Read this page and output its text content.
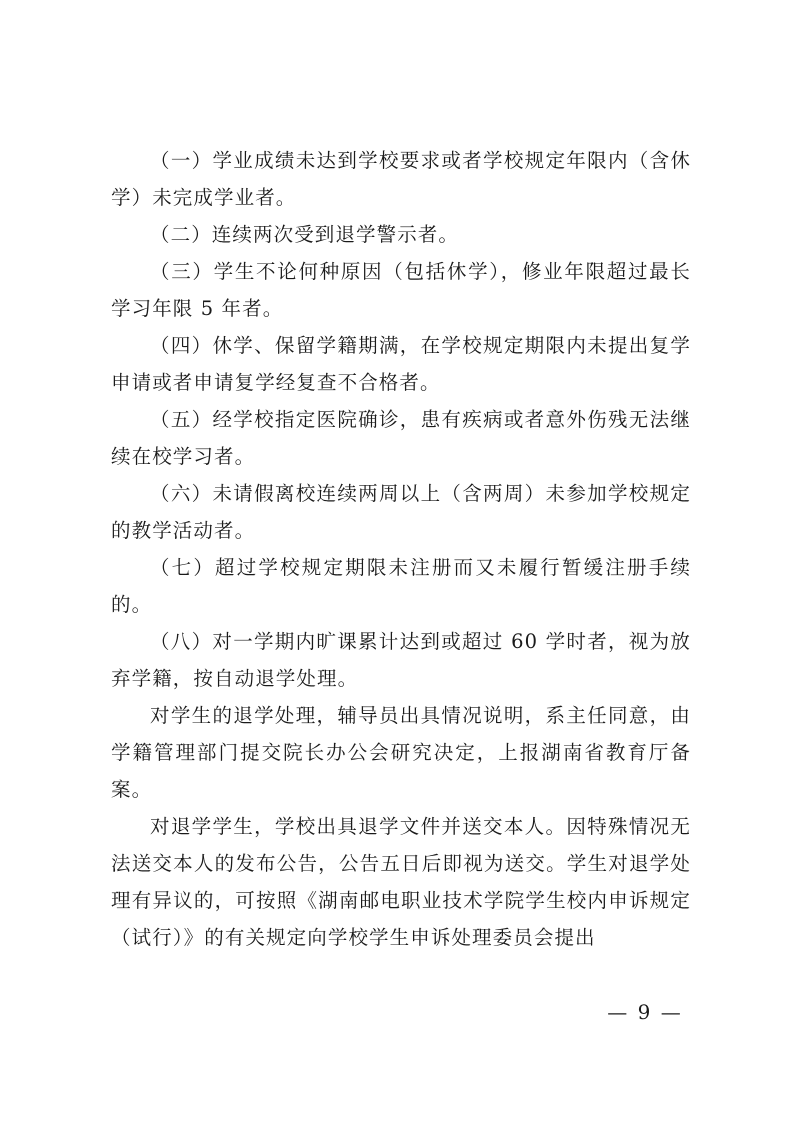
（一）学业成绩未达到学校要求或者学校规定年限内（含休学）未完成学业者。

（二）连续两次受到退学警示者。

（三）学生不论何种原因（包括休学），修业年限超过最长学习年限 5 年者。

（四）休学、保留学籍期满，在学校规定期限内未提出复学申请或者申请复学经复查不合格者。

（五）经学校指定医院确诊，患有疾病或者意外伤残无法继续在校学习者。

（六）未请假离校连续两周以上（含两周）未参加学校规定的教学活动者。

（七）超过学校规定期限未注册而又未履行暂缓注册手续的。

（八）对一学期内旷课累计达到或超过 60 学时者，视为放弃学籍，按自动退学处理。

对学生的退学处理，辅导员出具情况说明，系主任同意，由学籍管理部门提交院长办公会研究决定，上报湖南省教育厅备案。

对退学学生，学校出具退学文件并送交本人。因特殊情况无法送交本人的发布公告，公告五日后即视为送交。学生对退学处理有异议的，可按照《湖南邮电职业技术学院学生校内申诉规定（试行）》的有关规定向学校学生申诉处理委员会提出

— 9 —
